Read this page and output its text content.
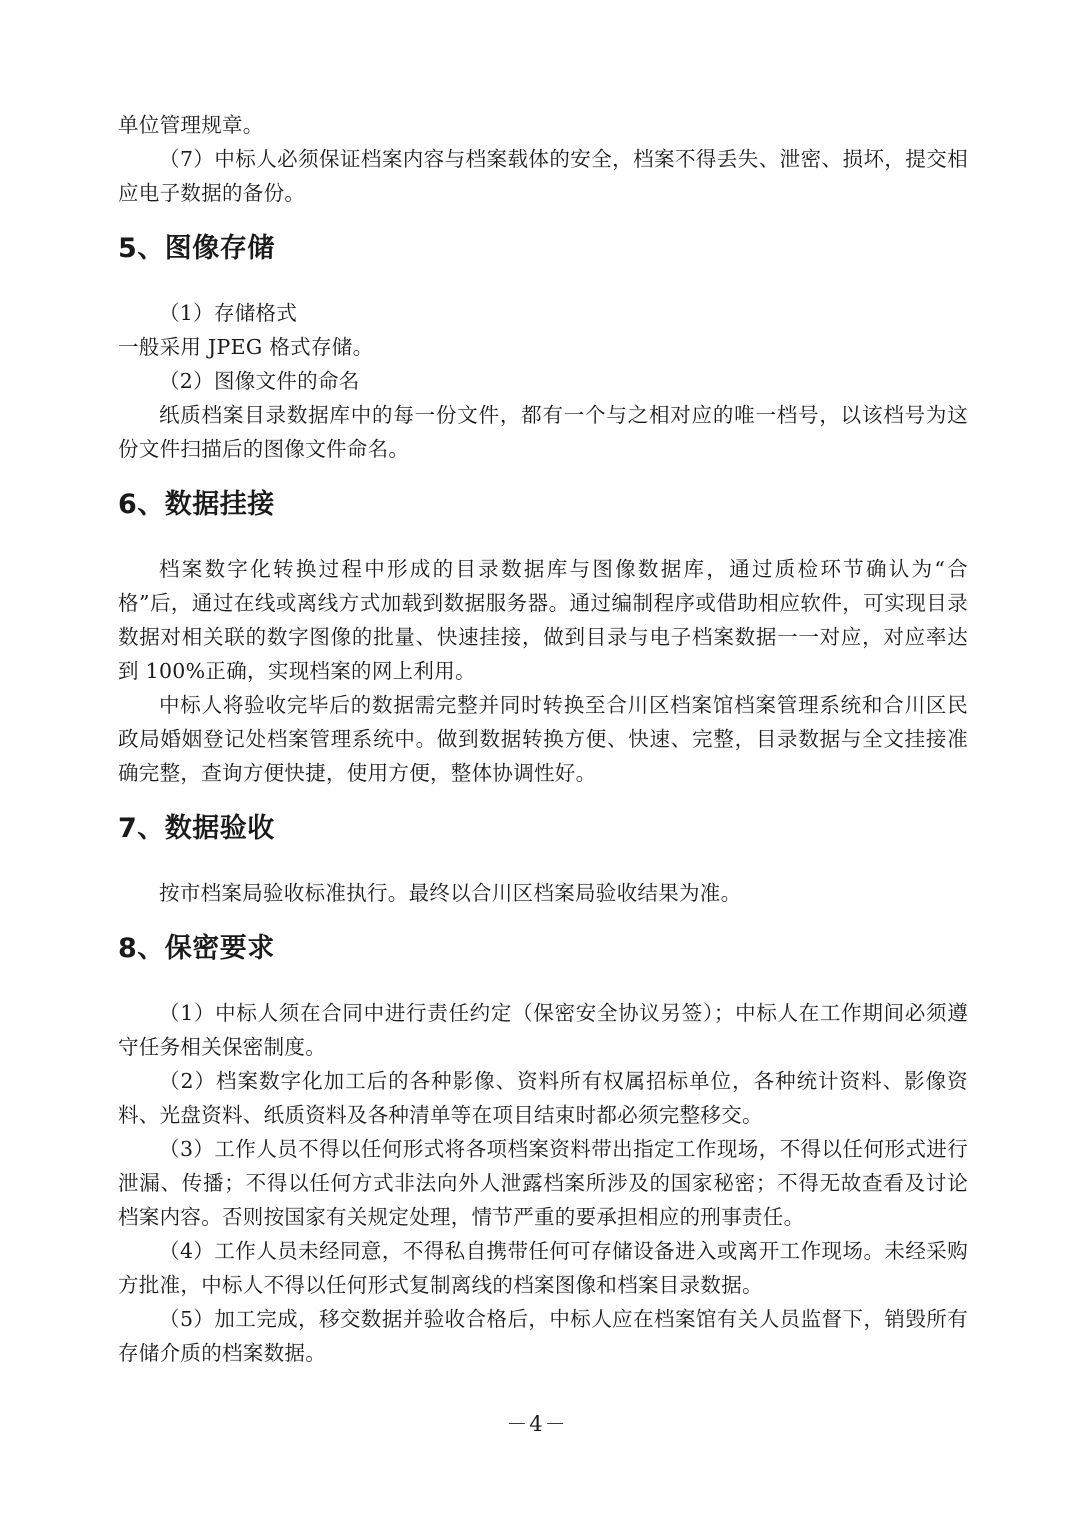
单位管理规章。

（7）中标人必须保证档案内容与档案载体的安全，档案不得丢失、泄密、损坏，提交相应电子数据的备份。

5、图像存储

（1）存储格式

一般采用 JPEG 格式存储。

（2）图像文件的命名

纸质档案目录数据库中的每一份文件，都有一个与之相对应的唯一档号，以该档号为这份文件扫描后的图像文件命名。

6、数据挂接

档案数字化转换过程中形成的目录数据库与图像数据库，通过质检环节确认为“合格”后，通过在线或离线方式加载到数据服务器。通过编制程序或借助相应软件，可实现目录数据对相关联的数字图像的批量、快速挂接，做到目录与电子档案数据一一对应，对应率达到 100%正确，实现档案的网上利用。

中标人将验收完毕后的数据需完整并同时转换至合川区档案馆档案管理系统和合川区民政局婚姻登记处档案管理系统中。做到数据转换方便、快速、完整，目录数据与全文挂接准确完整，查询方便快捷，使用方便，整体协调性好。

7、数据验收

按市档案局验收标准执行。最终以合川区档案局验收结果为准。

8、保密要求

（1）中标人须在合同中进行责任约定（保密安全协议另签）；中标人在工作期间必须遵守任务相关保密制度。

（2）档案数字化加工后的各种影像、资料所有权属招标单位，各种统计资料、影像资料、光盘资料、纸质资料及各种清单等在项目结束时都必须完整移交。

（3）工作人员不得以任何形式将各项档案资料带出指定工作现场，不得以任何形式进行泄漏、传播；不得以任何方式非法向外人泄露档案所涉及的国家秘密；不得无故查看及讨论档案内容。否则按国家有关规定处理，情节严重的要承担相应的刑事责任。

（4）工作人员未经同意，不得私自携带任何可存储设备进入或离开工作现场。未经采购方批准，中标人不得以任何形式复制离线的档案图像和档案目录数据。

（5）加工完成，移交数据并验收合格后，中标人应在档案馆有关人员监督下，销毁所有存储介质的档案数据。

－4－
